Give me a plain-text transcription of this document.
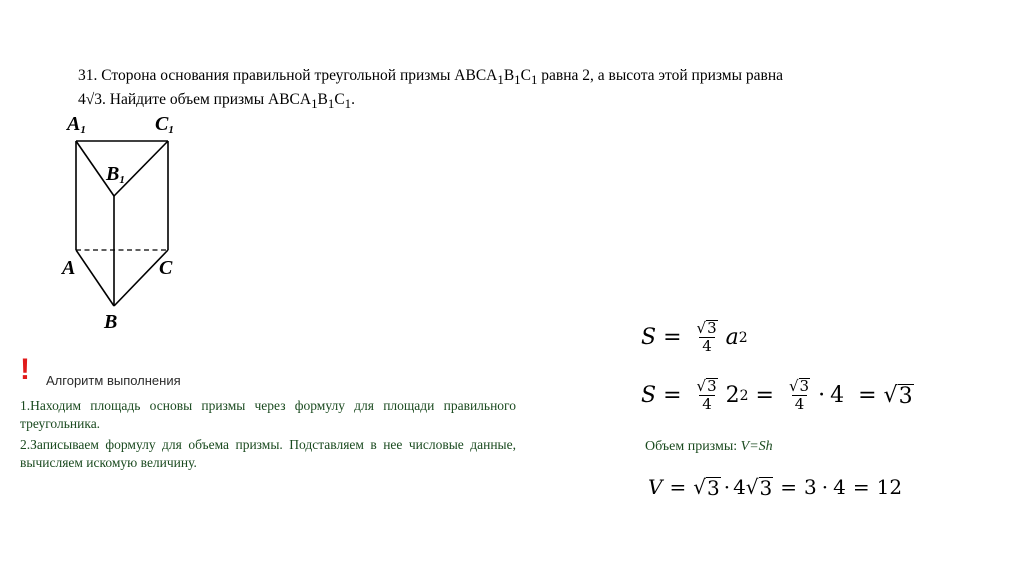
31. Сторона основания правильной треугольной призмы $ABCA_1B_1C_1$ равна 2, а высота этой призмы равна
4√3. Найдите объем призмы $ABCA_1B_1C_1$.
A1	C1
B1
A	C
B
! Алгоритм выполнения

1.Находим площадь основы призмы через формулу для площади правильного треугольника.

2.Записываем формулу для объема призмы. Подставляем в нее числовые данные, вычисляем искомую величину.

$S = \frac{√ 3}{4}$ a 2
$S = \frac{√ 3}{4} 2$ $2 = \frac{√ 3}{4} \cdot 4$ = √ 3
Объем призмы: V=Sh
V = √ 3 · 4 √ 3 = 3 · 4 = 12
